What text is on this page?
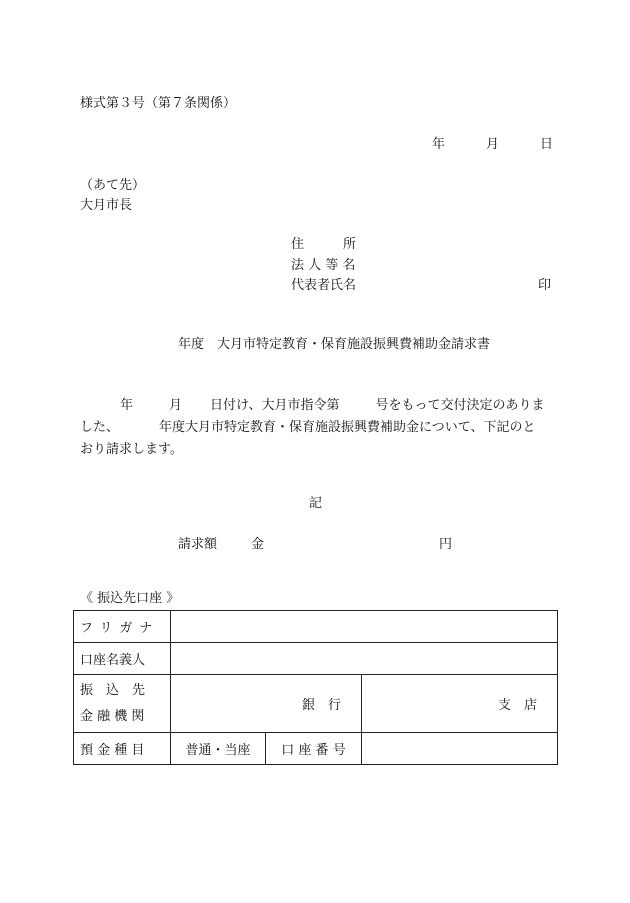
様式第３号（第７条関係）
年	月	日
（あて先）
大月市長
住　　　所
法 人 等 名
代表者氏名	印
年度　大月市特定教育・保育施設振興費補助金請求書
年	月 日付け、大月市指令第	号をもって交付決定のありま
した、	年度大月市特定教育・保育施設振興費補助金について、下記のと
おり請求します。
記
請求額	金	円
《 振込先口座 》
フリガナ			
口座名義人			

振　込　先
金 融 機 関	銀　行		支　店
預 金 種 目	普通・当座	口 座 番 号	
